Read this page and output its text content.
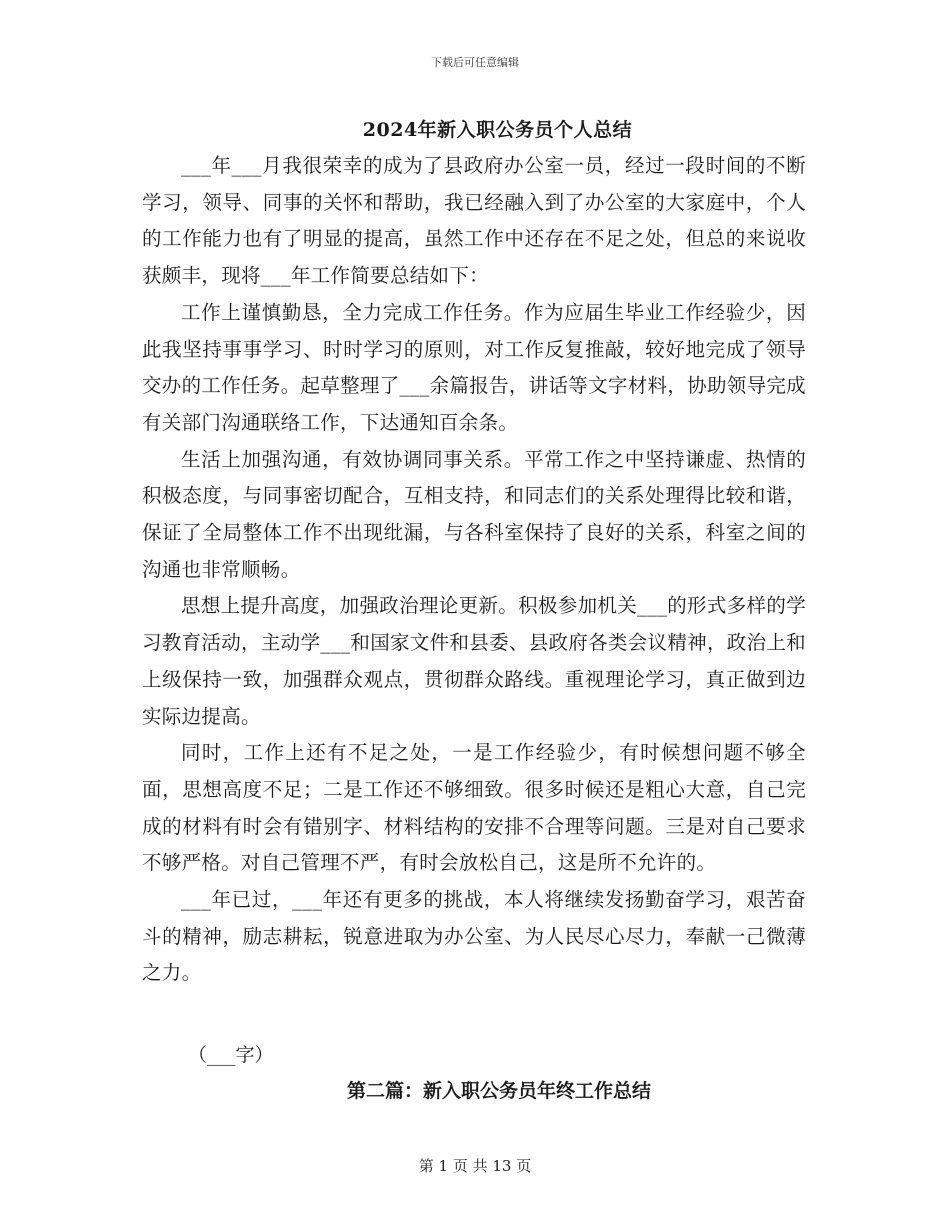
下载后可任意编辑
2024年新入职公务员个人总结

___年___月我很荣幸的成为了县政府办公室一员，经过一段时间的不断学习，领导、同事的关怀和帮助，我已经融入到了办公室的大家庭中，个人的工作能力也有了明显的提高，虽然工作中还存在不足之处，但总的来说收获颇丰，现将___年工作简要总结如下：

工作上谨慎勤恳，全力完成工作任务。作为应届生毕业工作经验少，因此我坚持事事学习、时时学习的原则，对工作反复推敲，较好地完成了领导交办的工作任务。起草整理了___余篇报告，讲话等文字材料，协助领导完成有关部门沟通联络工作，下达通知百余条。

生活上加强沟通，有效协调同事关系。平常工作之中坚持谦虚、热情的积极态度，与同事密切配合，互相支持，和同志们的关系处理得比较和谐，保证了全局整体工作不出现纰漏，与各科室保持了良好的关系，科室之间的沟通也非常顺畅。

思想上提升高度，加强政治理论更新。积极参加机关___的形式多样的学习教育活动，主动学___和国家文件和县委、县政府各类会议精神，政治上和上级保持一致，加强群众观点，贯彻群众路线。重视理论学习，真正做到边实际边提高。

同时，工作上还有不足之处，一是工作经验少，有时候想问题不够全面，思想高度不足；二是工作还不够细致。很多时候还是粗心大意，自己完成的材料有时会有错别字、材料结构的安排不合理等问题。三是对自己要求不够严格。对自己管理不严，有时会放松自己，这是所不允许的。

___年已过，___年还有更多的挑战，本人将继续发扬勤奋学习，艰苦奋斗的精神，励志耕耘，锐意进取为办公室、为人民尽心尽力，奉献一己微薄之力。

（___字）
第二篇：新入职公务员年终工作总结
第 1 页 共 13 页
